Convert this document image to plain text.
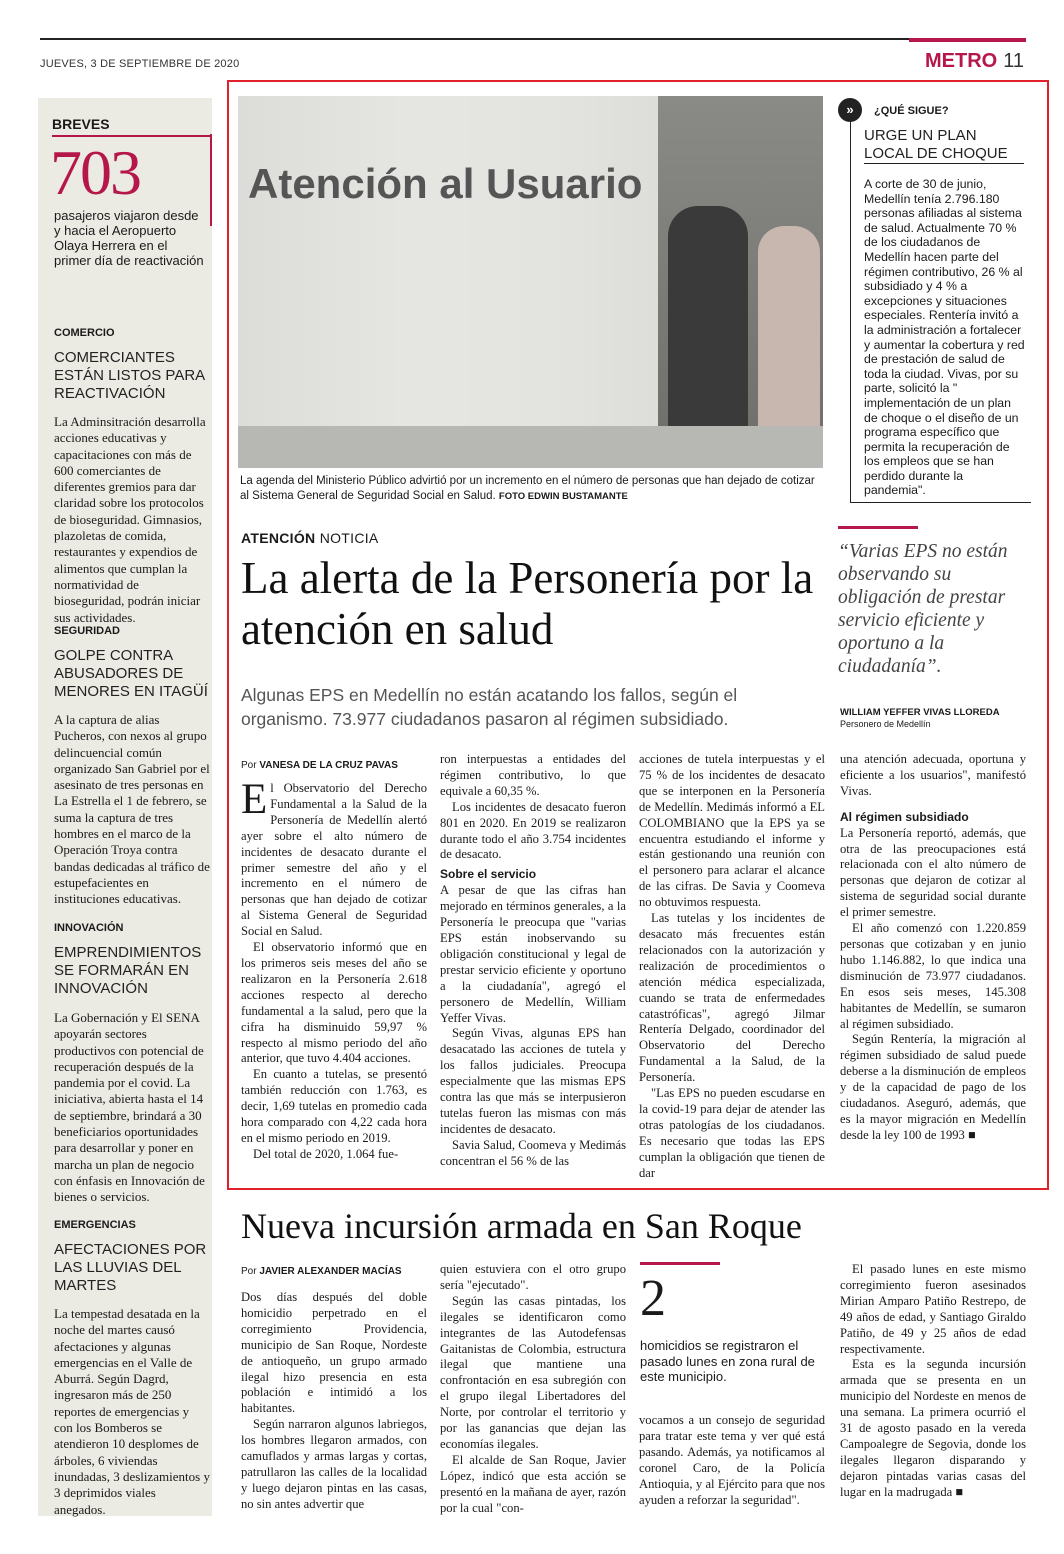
JUEVES, 3 DE SEPTIEMBRE DE 2020	METRO 11
BREVES
703
pasajeros viajaron desde y hacia el Aeropuerto Olaya Herrera en el primer día de reactivación
COMERCIO
COMERCIANTES ESTÁN LISTOS PARA REACTIVACIÓN
La Adminsitración desarrolla acciones educativas y capacitaciones con más de 600 comerciantes de diferentes gremios para dar claridad sobre los protocolos de bioseguridad. Gimnasios, plazoletas de comida, restaurantes y expendios de alimentos que cumplan la normatividad de bioseguridad, podrán iniciar sus actividades.
SEGURIDAD
GOLPE CONTRA ABUSADORES DE MENORES EN ITAGÜÍ
A la captura de alias Pucheros, con nexos al grupo delincuencial común organizado San Gabriel por el asesinato de tres personas en La Estrella el 1 de febrero, se suma la captura de tres hombres en el marco de la Operación Troya contra bandas dedicadas al tráfico de estupefacientes en instituciones educativas.
INNOVACIÓN
EMPRENDIMIENTOS SE FORMARÁN EN INNOVACIÓN
La Gobernación y El SENA apoyarán sectores productivos con potencial de recuperación después de la pandemia por el covid. La iniciativa, abierta hasta el 14 de septiembre, brindará a 30 beneficiarios oportunidades para desarrollar y poner en marcha un plan de negocio con énfasis en Innovación de bienes o servicios.
EMERGENCIAS
AFECTACIONES POR LAS LLUVIAS DEL MARTES
La tempestad desatada en la noche del martes causó afectaciones y algunas emergencias en el Valle de Aburrá. Según Dagrd, ingresaron más de 250 reportes de emergencias y con los Bomberos se atendieron 10 desplomes de árboles, 6 viviendas inundadas, 3 deslizamientos y 3 deprimidos viales anegados.
Atención al Usuario
La agenda del Ministerio Público advirtió por un incremento en el número de personas que han dejado de cotizar al Sistema General de Seguridad Social en Salud. FOTO EDWIN BUSTAMANTE
»	¿QUÉ SIGUE?
URGE UN PLAN LOCAL DE CHOQUE
A corte de 30 de junio, Medellín tenía 2.796.180 personas afiliadas al sistema de salud. Actualmente 70 % de los ciudadanos de Medellín hacen parte del régimen contributivo, 26 % al subsidiado y 4 % a excepciones y situaciones especiales. Rentería invitó a la administración a fortalecer y aumentar la cobertura y red de prestación de salud de toda la ciudad. Vivas, por su parte, solicitó la " implementación de un plan de choque o el diseño de un programa específico que permita la recuperación de los empleos que se han perdido durante la pandemia".
“Varias EPS no están observando su obligación de prestar servicio eficiente y oportuno a la ciudadanía”.
WILLIAM YEFFER VIVAS LLOREDA
Personero de Medellín
ATENCIÓN NOTICIA
La alerta de la Personería por la atención en salud
Algunas EPS en Medellín no están acatando los fallos, según el organismo. 73.977 ciudadanos pasaron al régimen subsidiado.
Por VANESA DE LA CRUZ PAVAS

El Observatorio del Derecho Fundamental a la Salud de la Personería de Medellín alertó ayer sobre el alto número de incidentes de desacato durante el primer semestre del año y el incremento en el número de personas que han dejado de cotizar al Sistema General de Seguridad Social en Salud.

El observatorio informó que en los primeros seis meses del año se realizaron en la Personería 2.618 acciones respecto al derecho fundamental a la salud, pero que la cifra ha disminuido 59,97 % respecto al mismo periodo del año anterior, que tuvo 4.404 acciones.

En cuanto a tutelas, se presentó también reducción con 1.763, es decir, 1,69 tutelas en promedio cada hora comparado con 4,22 cada hora en el mismo periodo en 2019.

Del total de 2020, 1.064 fue-

ron interpuestas a entidades del régimen contributivo, lo que equivale a 60,35 %.

Los incidentes de desacato fueron 801 en 2020. En 2019 se realizaron durante todo el año 3.754 incidentes de desacato.

Sobre el servicio

A pesar de que las cifras han mejorado en términos generales, a la Personería le preocupa que "varias EPS están inobservando su obligación constitucional y legal de prestar servicio eficiente y oportuno a la ciudadanía", agregó el personero de Medellín, William Yeffer Vivas.

Según Vivas, algunas EPS han desacatado las acciones de tutela y los fallos judiciales. Preocupa especialmente que las mismas EPS contra las que más se interpusieron tutelas fueron las mismas con más incidentes de desacato.

Savia Salud, Coomeva y Medimás concentran el 56 % de las

acciones de tutela interpuestas y el 75 % de los incidentes de desacato que se interponen en la Personería de Medellín. Medimás informó a EL COLOMBIANO que la EPS ya se encuentra estudiando el informe y están gestionando una reunión con el personero para aclarar el alcance de las cifras. De Savia y Coomeva no obtuvimos respuesta.

Las tutelas y los incidentes de desacato más frecuentes están relacionados con la autorización y realización de procedimientos o atención médica especializada, cuando se trata de enfermedades catastróficas", agregó Jilmar Rentería Delgado, coordinador del Observatorio del Derecho Fundamental a la Salud, de la Personería.

"Las EPS no pueden escudarse en la covid-19 para dejar de atender las otras patologías de los ciudadanos. Es necesario que todas las EPS cumplan la obligación que tienen de dar

una atención adecuada, oportuna y eficiente a los usuarios", manifestó Vivas.

Al régimen subsidiado

La Personería reportó, además, que otra de las preocupaciones está relacionada con el alto número de personas que dejaron de cotizar al sistema de seguridad social durante el primer semestre.

El año comenzó con 1.220.859 personas que cotizaban y en junio hubo 1.146.882, lo que indica una disminución de 73.977 ciudadanos. En esos seis meses, 145.308 habitantes de Medellín, se sumaron al régimen subsidiado.

Según Rentería, la migración al régimen subsidiado de salud puede deberse a la disminución de empleos y de la capacidad de pago de los ciudadanos. Aseguró, además, que es la mayor migración en Medellín desde la ley 100 de 1993 ■

Nueva incursión armada en San Roque
Por JAVIER ALEXANDER MACÍAS

Dos días después del doble homicidio perpetrado en el corregimiento Providencia, municipio de San Roque, Nordeste de antioqueño, un grupo armado ilegal hizo presencia en esta población e intimidó a los habitantes.

Según narraron algunos labriegos, los hombres llegaron armados, con camuflados y armas largas y cortas, patrullaron las calles de la localidad y luego dejaron pintas en las casas, no sin antes advertir que

quien estuviera con el otro grupo sería "ejecutado".

Según las casas pintadas, los ilegales se identificaron como integrantes de las Autodefensas Gaitanistas de Colombia, estructura ilegal que mantiene una confrontación en esa subregión con el grupo ilegal Libertadores del Norte, por controlar el territorio y por las ganancias que dejan las economías ilegales.

El alcalde de San Roque, Javier López, indicó que esta acción se presentó en la mañana de ayer, razón por la cual "con-

2
homicidios se registraron el pasado lunes en zona rural de este municipio.

vocamos a un consejo de seguridad para tratar este tema y ver qué está pasando. Además, ya notificamos al coronel Caro, de la Policía Antioquia, y al Ejército para que nos ayuden a reforzar la seguridad".

El pasado lunes en este mismo corregimiento fueron asesinados Mirian Amparo Patiño Restrepo, de 49 años de edad, y Santiago Giraldo Patiño, de 49 y 25 años de edad respectivamente.

Esta es la segunda incursión armada que se presenta en un municipio del Nordeste en menos de una semana. La primera ocurrió el 31 de agosto pasado en la vereda Campoalegre de Segovia, donde los ilegales llegaron disparando y dejaron pintadas varias casas del lugar en la madrugada ■
